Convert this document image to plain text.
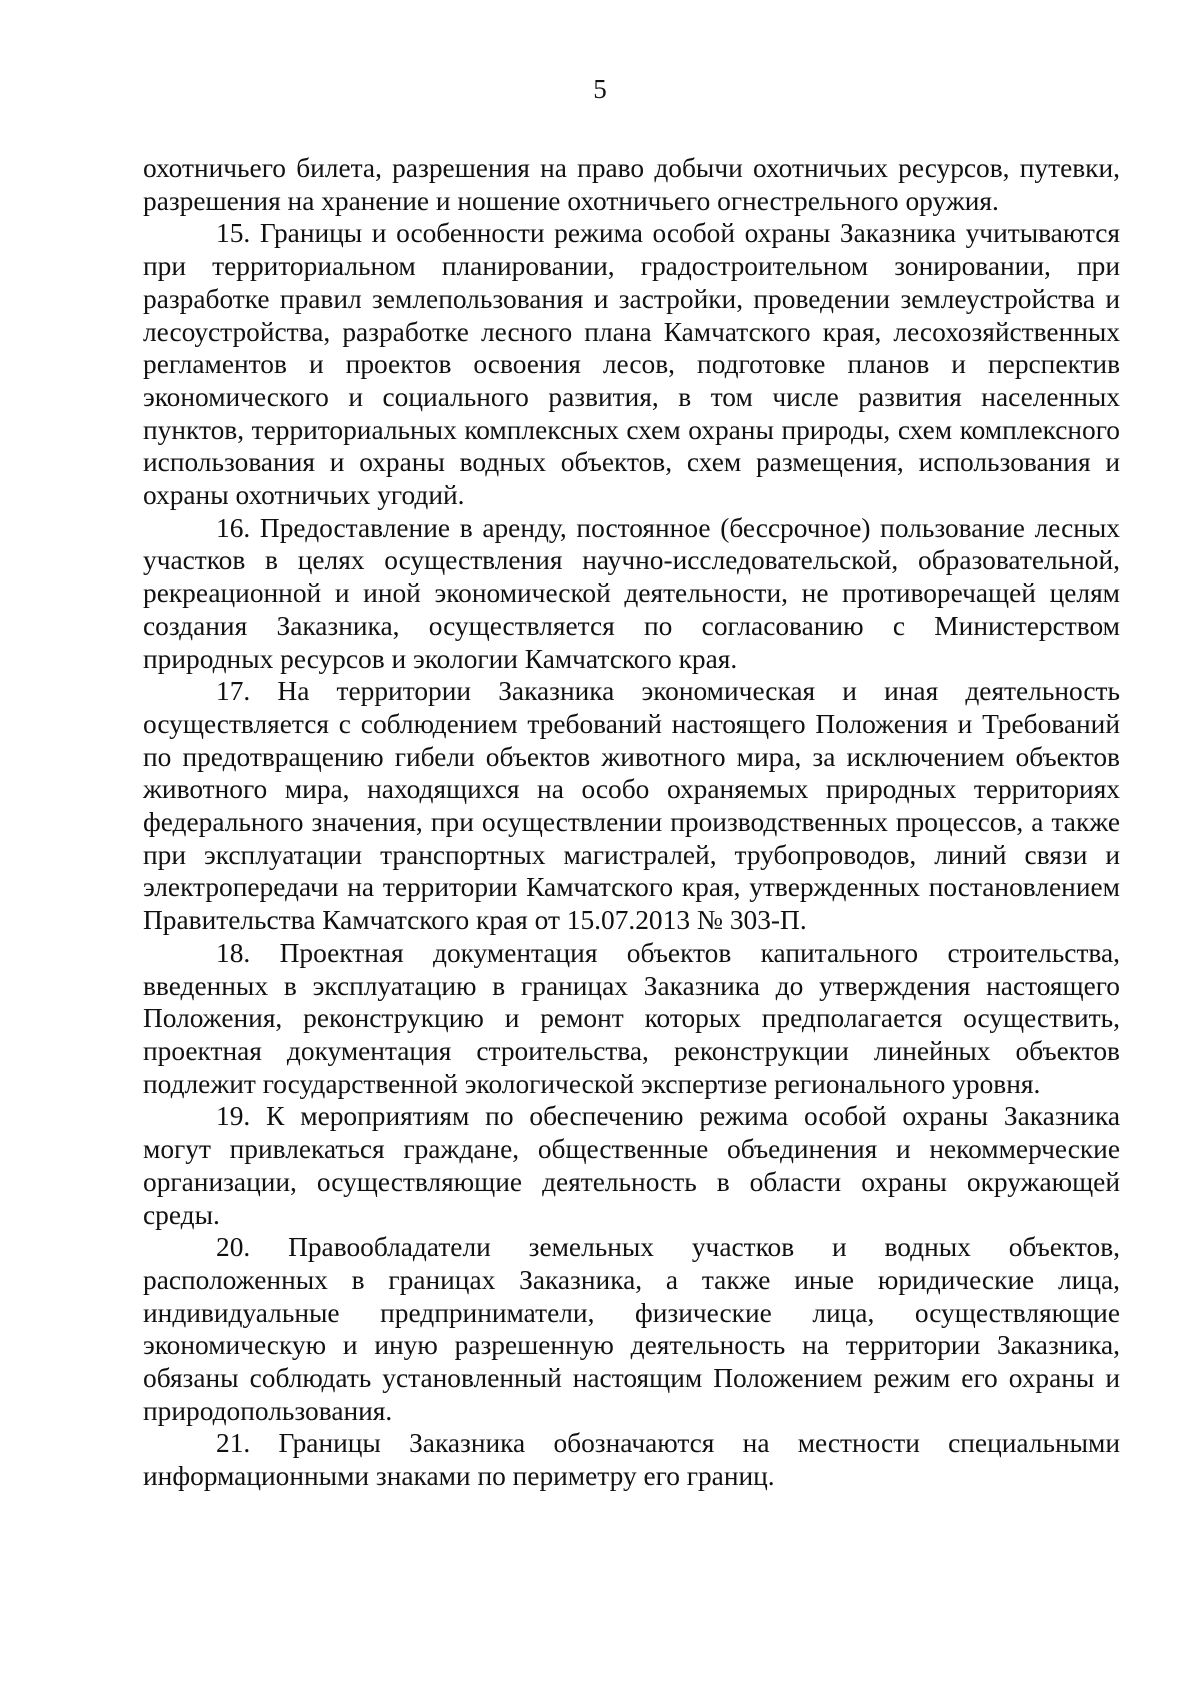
5

охотничьего билета, разрешения на право добычи охотничьих ресурсов, путевки, разрешения на хранение и ношение охотничьего огнестрельного оружия.

15. Границы и особенности режима особой охраны Заказника учитываются при территориальном планировании, градостроительном зонировании, при разработке правил землепользования и застройки, проведении землеустройства и лесоустройства, разработке лесного плана Камчатского края, лесохозяйственных регламентов и проектов освоения лесов, подготовке планов и перспектив экономического и социального развития, в том числе развития населенных пунктов, территориальных комплексных схем охраны природы, схем комплексного использования и охраны водных объектов, схем размещения, использования и охраны охотничьих угодий.

16. Предоставление в аренду, постоянное (бессрочное) пользование лесных участков в целях осуществления научно-исследовательской, образовательной, рекреационной и иной экономической деятельности, не противоречащей целям создания Заказника, осуществляется по согласованию с Министерством природных ресурсов и экологии Камчатского края.

17. На территории Заказника экономическая и иная деятельность осуществляется с соблюдением требований настоящего Положения и Требований по предотвращению гибели объектов животного мира, за исключением объектов животного мира, находящихся на особо охраняемых природных территориях федерального значения, при осуществлении производственных процессов, а также при эксплуатации транспортных магистралей, трубопроводов, линий связи и электропередачи на территории Камчатского края, утвержденных постановлением Правительства Камчатского края от 15.07.2013 № 303-П.

18. Проектная документация объектов капитального строительства, введенных в эксплуатацию в границах Заказника до утверждения настоящего Положения, реконструкцию и ремонт которых предполагается осуществить, проектная документация строительства, реконструкции линейных объектов подлежит государственной экологической экспертизе регионального уровня.

19. К мероприятиям по обеспечению режима особой охраны Заказника могут привлекаться граждане, общественные объединения и некоммерческие организации, осуществляющие деятельность в области охраны окружающей среды.

20. Правообладатели земельных участков и водных объектов, расположенных в границах Заказника, а также иные юридические лица, индивидуальные предприниматели, физические лица, осуществляющие экономическую и иную разрешенную деятельность на территории Заказника, обязаны соблюдать установленный настоящим Положением режим его охраны и природопользования.

21. Границы Заказника обозначаются на местности специальными информационными знаками по периметру его границ.
